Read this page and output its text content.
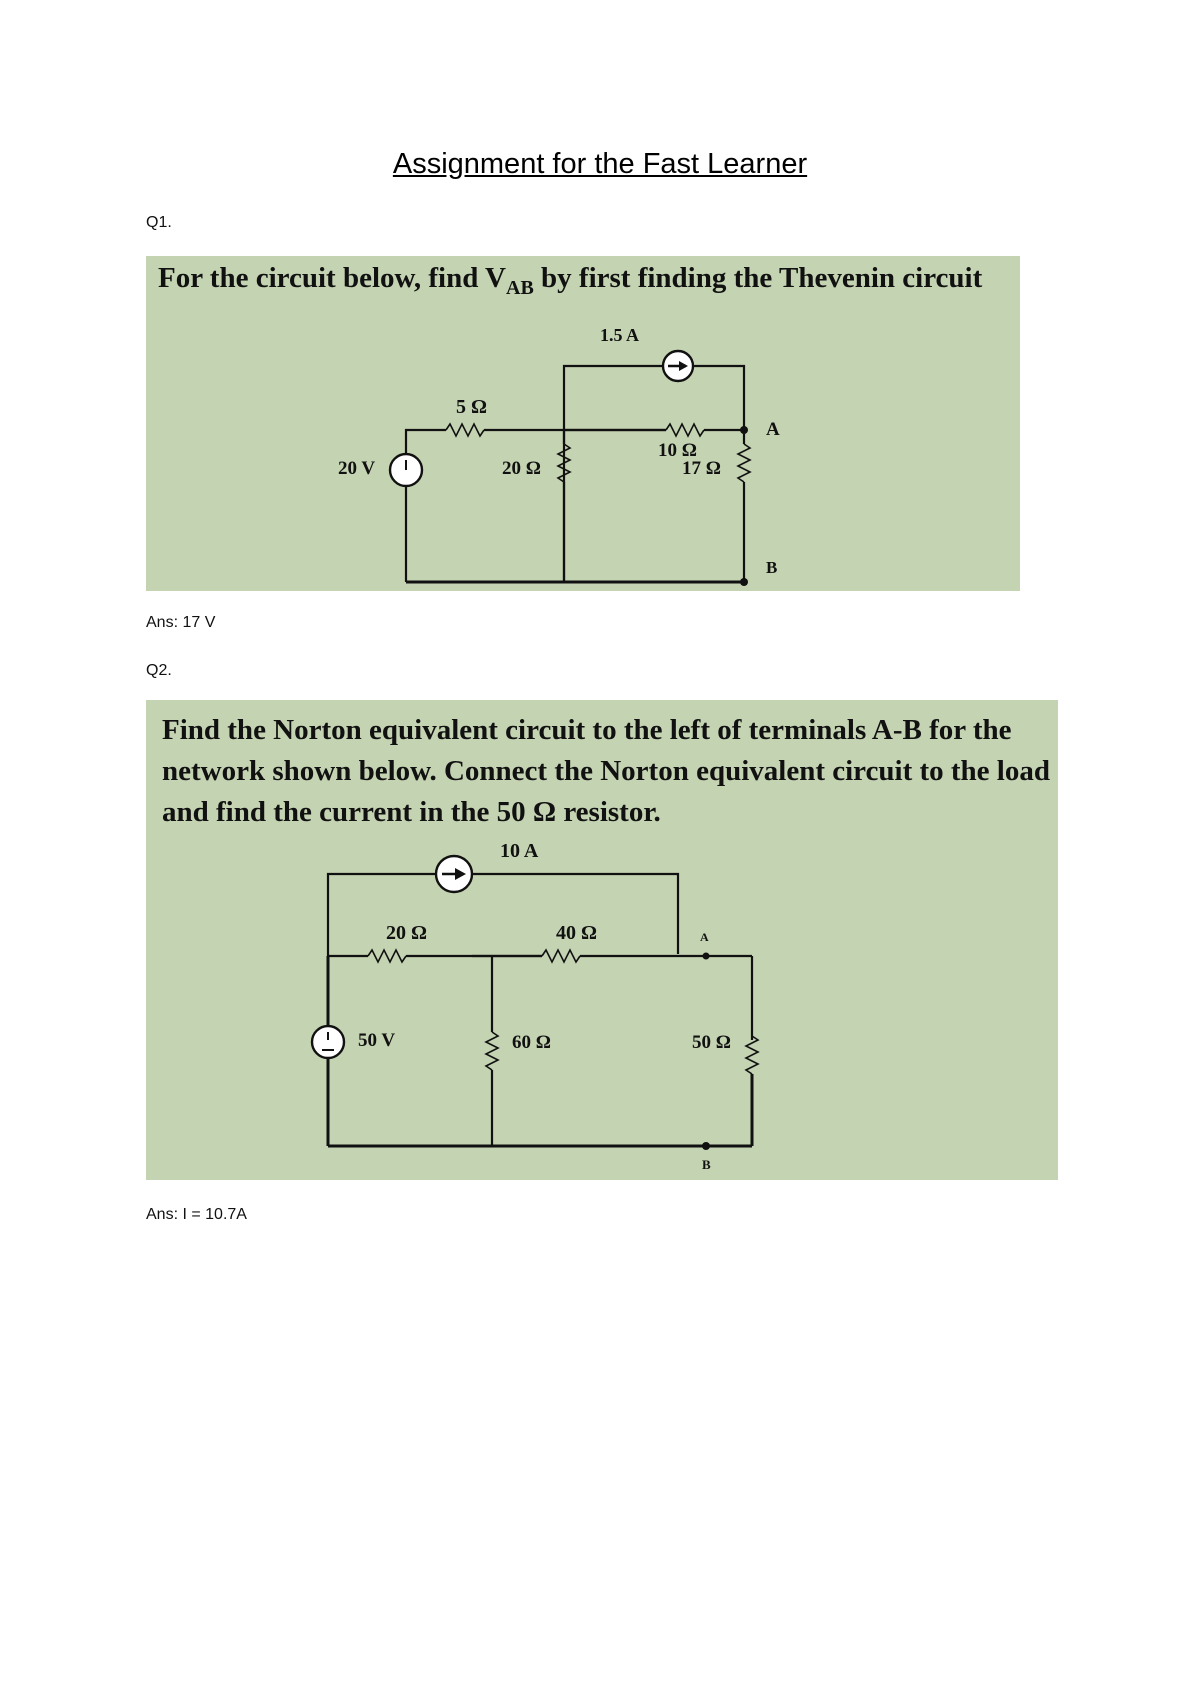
Assignment for the Fast Learner
Q1.

For the circuit below, find $V_{AB}$ by first finding the Thevenin circuit

1.5 A
5 Ω
10 Ω
A
20 V	20 Ω	17 Ω
B
Ans: 17 V
Q2.

Find the Norton equivalent circuit to the left of terminals A-B for the network shown below. Connect the Norton equivalent circuit to the load and find the current in the 50 Ω resistor.

10 A
20 Ω	40 Ω	A
50 V	60 Ω	50 Ω
B
Ans: I = 10.7A
